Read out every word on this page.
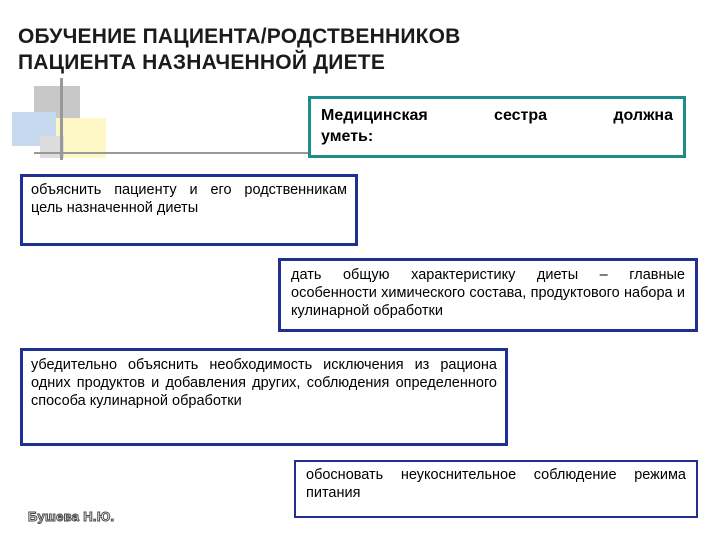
ОБУЧЕНИЕ ПАЦИЕНТА/РОДСТВЕННИКОВ
ПАЦИЕНТА НАЗНАЧЕННОЙ ДИЕТЕ
Медицинская	сестра	должна
уметь:
объяснить пациенту и его родственникам цель назначенной диеты
дать общую характеристику диеты – главные особенности химического состава, продуктового набора и кулинарной обработки
убедительно объяснить необходимость исключения из рациона одних продуктов и добавления других, соблюдения определенного способа кулинарной обработки
обосновать неукоснительное соблюдение режима питания
Бушева Н.Ю.
